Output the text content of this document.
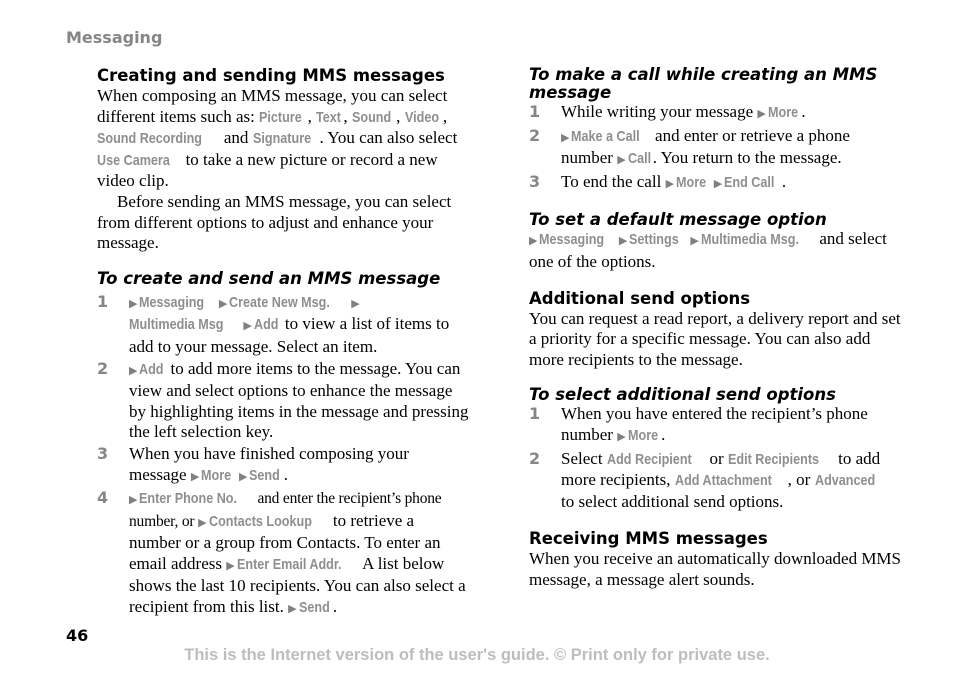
Messaging

Creating and sending MMS messages

When composing an MMS message, you can select different items such as: Picture , Text , Sound , Video , Sound Recording and Signature . You can also select Use Camera to take a new picture or record a new video clip.

Before sending an MMS message, you can select from different options to adjust and enhance your message.

To create and send an MMS message

1 ▶ Messaging ▶ Create New Msg. ▶Multimedia Msg ▶ Add to view a list of items to add to your message. Select an item.

2 ▶ Add to add more items to the message. You can view and select options to enhance the message by highlighting items in the message and pressing the left selection key.

3 When you have finished composing your message ▶ More ▶ Send .

4 ▶ Enter Phone No. and enter the recipient’s phone number, or ▶ Contacts Lookup to retrieve a number or a group from Contacts. To enter an email address ▶ Enter Email Addr. A list below shows the last 10 recipients. You can also select a recipient from this list. ▶ Send .

To make a call while creating an MMS message

1 While writing your message ▶ More .

2 ▶ Make a Call and enter or retrieve a phone number ▶ Call . You return to the message.

3 To end the call ▶ More ▶ End Call .

To set a default message option

▶ Messaging ▶ Settings ▶ Multimedia Msg. and select one of the options.

Additional send options

You can request a read report, a delivery report and set a priority for a specific message. You can also add more recipients to the message.

To select additional send options

1 When you have entered the recipient’s phone number ▶ More .

2 Select Add Recipient or Edit Recipients to add more recipients, Add Attachment , or Advanced to select additional send options.

Receiving MMS messages

When you receive an automatically downloaded MMS message, a message alert sounds.

46

This is the Internet version of the user's guide. © Print only for private use.
